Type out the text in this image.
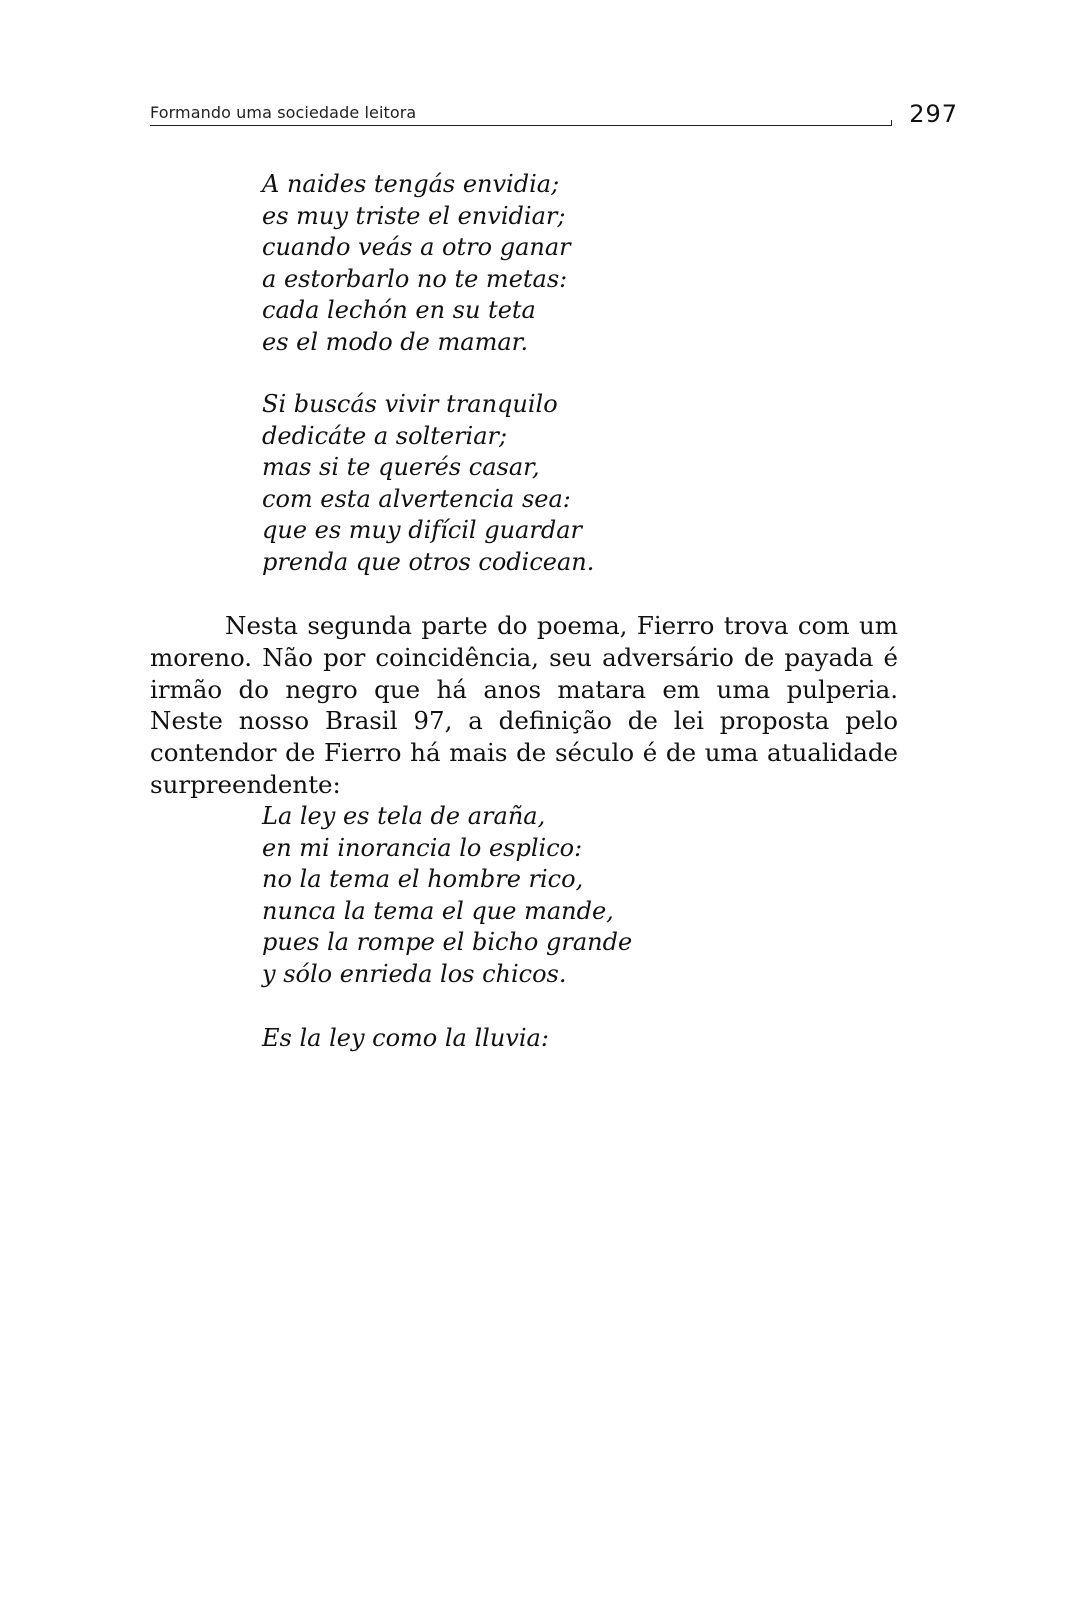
Formando uma sociedade leitora	297
A naides tengás envidia;
es muy triste el envidiar;
cuando veás a otro ganar
a estorbarlo no te metas:
cada lechón en su teta
es el modo de mamar.
Si buscás vivir tranquilo
dedicáte a solteriar;
mas si te querés casar,
com esta alvertencia sea:
que es muy difícil guardar
prenda que otros codicean.

Nesta segunda parte do poema, Fierro trova com um moreno. Não por coincidência, seu adversário de payada é irmão do negro que há anos matara em uma pulperia. Neste nosso Brasil 97, a definição de lei proposta pelo contendor de Fierro há mais de século é de uma atualidade surpreendente:

La ley es tela de araña,
en mi inorancia lo esplico:
no la tema el hombre rico,
nunca la tema el que mande,
pues la rompe el bicho grande
y sólo enrieda los chicos.
Es la ley como la lluvia:
